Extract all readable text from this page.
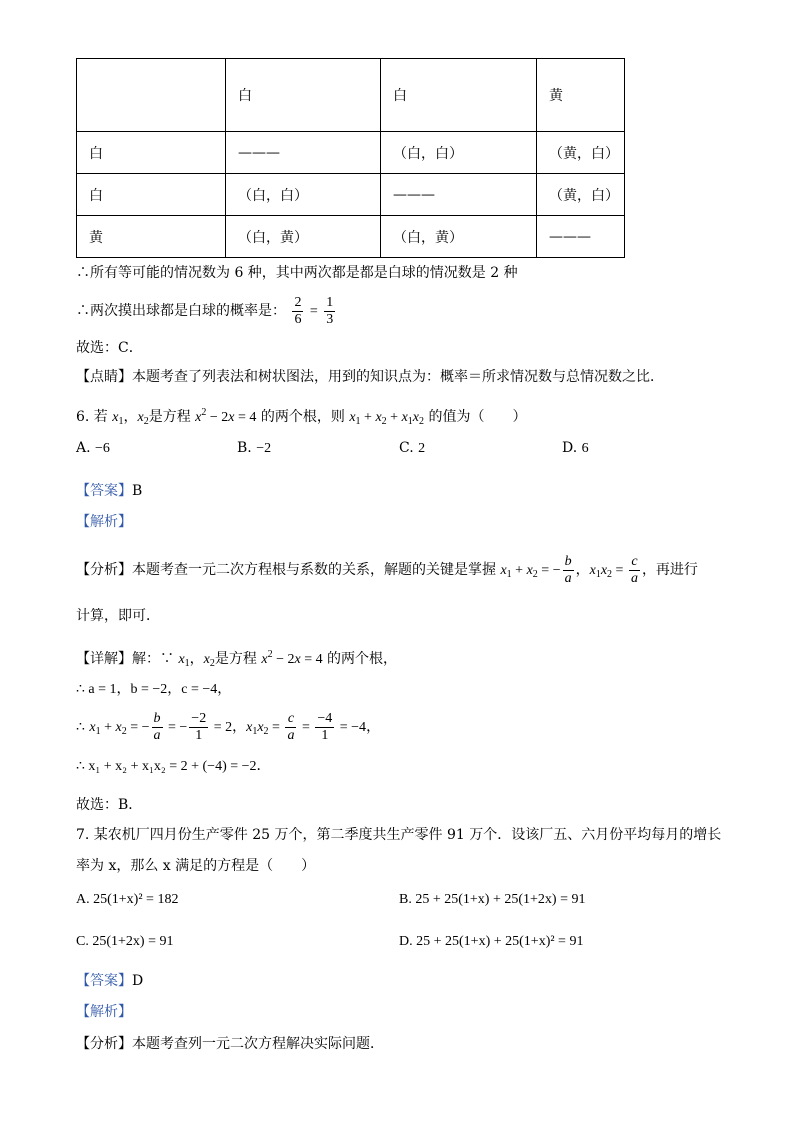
	白	白	黄
白	———	（白，白）	（黄，白）
白	（白，白）	———	（黄，白）
黄	（白，黄）	（白，黄）	———
∴所有等可能的情况数为 6 种，其中两次都是都是白球的情况数是 2 种
∴两次摸出球都是白球的概率是： $\frac{2}{6} = \frac{1}{3}$
故选：C．
【点睛】本题考查了列表法和树状图法，用到的知识点为：概率＝所求情况数与总情况数之比．
6. 若 $x_1$，$x_2$是方程 $x^2 - 2x = 4$ 的两个根，则 $x_1 + x_2 + x_1x_2$ 的值为（　　）
A. −6	B. −2	C. 2	D. 6
【答案】B
【解析】
【分析】本题考查一元二次方程根与系数的关系，解题的关键是掌握 $x_1 + x_2$ = − $\frac{b}{a}$ ，$x_1x_2 = \frac{c}{a}$ ，再进行
计算，即可．
【详解】解：∵ $x_1$，$x_2$是方程 $x^2 - 2x = 4$ 的两个根，
∴ a = 1，b = −2，c = −4，
∴ $x_1 + x_2$ = − $\frac{b}{a}$ = − $\frac{-2}{1} = 2$，$x_1x_2 = \frac{c}{a} = \frac{-4}{1} = -4$，
∴ x₁ + x₂ + x₁x₂ = 2 + (−4) = −2．
故选：B．
7. 某农机厂四月份生产零件 25 万个，第二季度共生产零件 91 万个．设该厂五、六月份平均每月的增长
率为 x，那么 x 满足的方程是（　　）
A. 25(1+x)² = 182	B. 25 + 25(1+x) + 25(1+2x) = 91
C. 25(1+2x) = 91	D. 25 + 25(1+x) + 25(1+x)² = 91
【答案】D
【解析】
【分析】本题考查列一元二次方程解决实际问题．
